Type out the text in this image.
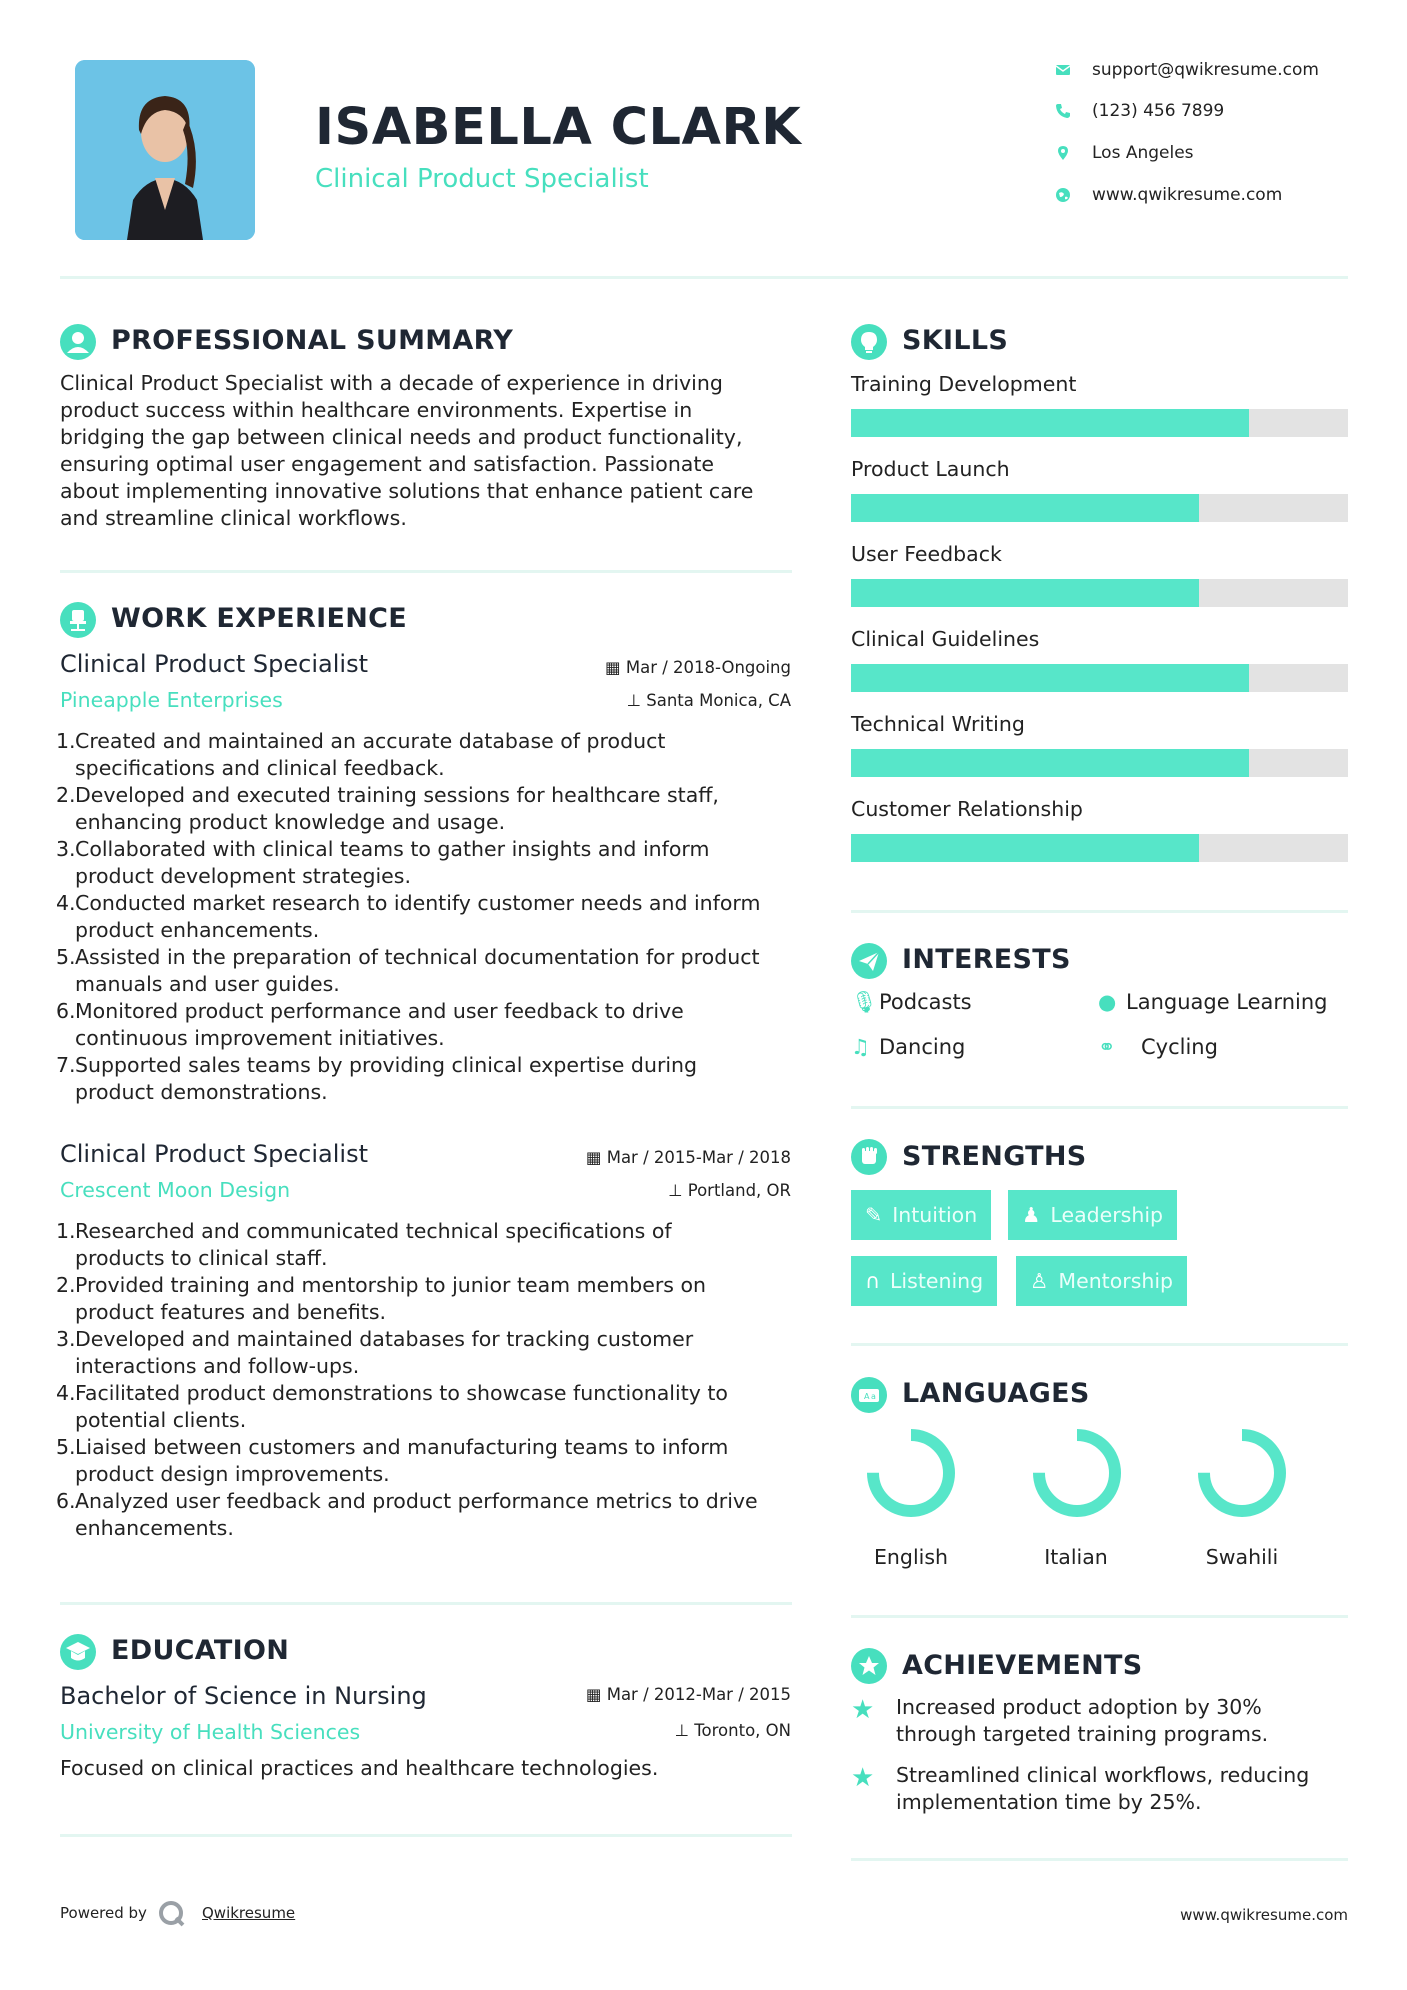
ISABELLA CLARK
Clinical Product Specialist
support@qwikresume.com
(123) 456 7899
Los Angeles
www.qwikresume.com
PROFESSIONAL SUMMARY
Clinical Product Specialist with a decade of experience in driving
product success within healthcare environments. Expertise in
bridging the gap between clinical needs and product functionality,
ensuring optimal user engagement and satisfaction. Passionate
about implementing innovative solutions that enhance patient care
and streamline clinical workflows.
WORK EXPERIENCE
Clinical Product Specialist
Pineapple Enterprises
▦ Mar / 2018-Ongoing
⊥ Santa Monica, CA
1. Created and maintained an accurate database of product
specifications and clinical feedback.
2. Developed and executed training sessions for healthcare staff,
enhancing product knowledge and usage.
3. Collaborated with clinical teams to gather insights and inform
product development strategies.
4. Conducted market research to identify customer needs and inform
product enhancements.
5. Assisted in the preparation of technical documentation for product
manuals and user guides.
6. Monitored product performance and user feedback to drive
continuous improvement initiatives.
7. Supported sales teams by providing clinical expertise during
product demonstrations.
Clinical Product Specialist
Crescent Moon Design
▦ Mar / 2015-Mar / 2018
⊥ Portland, OR
1. Researched and communicated technical specifications of
products to clinical staff.
2. Provided training and mentorship to junior team members on
product features and benefits.
3. Developed and maintained databases for tracking customer
interactions and follow-ups.
4. Facilitated product demonstrations to showcase functionality to
potential clients.
5. Liaised between customers and manufacturing teams to inform
product design improvements.
6. Analyzed user feedback and product performance metrics to drive
enhancements.
EDUCATION
Bachelor of Science in Nursing
University of Health Sciences
▦ Mar / 2012-Mar / 2015
⊥ Toronto, ON
Focused on clinical practices and healthcare technologies.
SKILLS
Training Development
Product Launch
User Feedback
Clinical Guidelines
Technical Writing
Customer Relationship
INTERESTS
🎙︎Podcasts	● Language Learning
♫ Dancing	⚭ Cycling
STRENGTHS
✎ Intuition	♟ Leadership
∩ Listening	♙ Mentorship
A a LANGUAGES
English	Italian	Swahili
ACHIEVEMENTS
★ Increased product adoption by 30%
through targeted training programs.
★ Streamlined clinical workflows, reducing
implementation time by 25%.
Powered by	Qwikresume	www.qwikresume.com
